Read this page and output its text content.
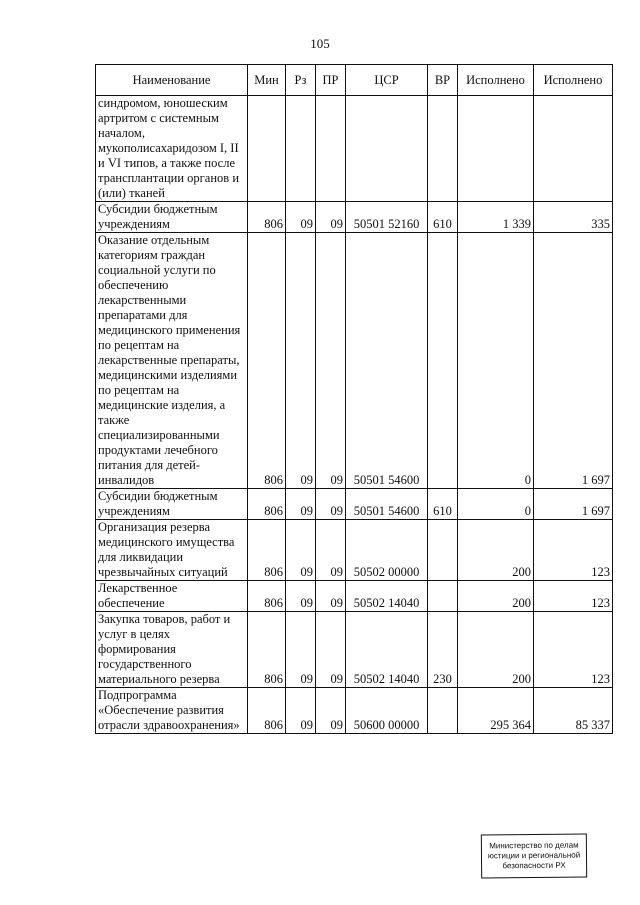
105
Наименование	Мин	Рз	ПР	ЦСР	ВР	Исполнено	Исполнено
синдромом, юношеским артритом с системным началом, мукополисахаридозом I, II и VI типов, а также после трансплантации органов и (или) тканей							
Субсидии бюджетным учреждениям	806	09	09	50501 52160	610	1 339	335
Оказание отдельным категориям граждан социальной услуги по обеспечению лекарственными препаратами для медицинского применения по рецептам на лекарственные препараты, медицинскими изделиями по рецептам на медицинские изделия, а также специализированными продуктами лечебного питания для детей-инвалидов	806	09	09	50501 54600		0	1 697
Субсидии бюджетным учреждениям	806	09	09	50501 54600	610	0	1 697
Организация резерва медицинского имущества для ликвидации чрезвычайных ситуаций	806	09	09	50502 00000		200	123
Лекарственное обеспечение	806	09	09	50502 14040		200	123
Закупка товаров, работ и услуг в целях формирования государственного материального резерва	806	09	09	50502 14040	230	200	123
Подпрограмма «Обеспечение развития отрасли здравоохранения»	806	09	09	50600 00000		295 364	85 337
Министерство по делам
юстиции и региональной
безопасности РХ
